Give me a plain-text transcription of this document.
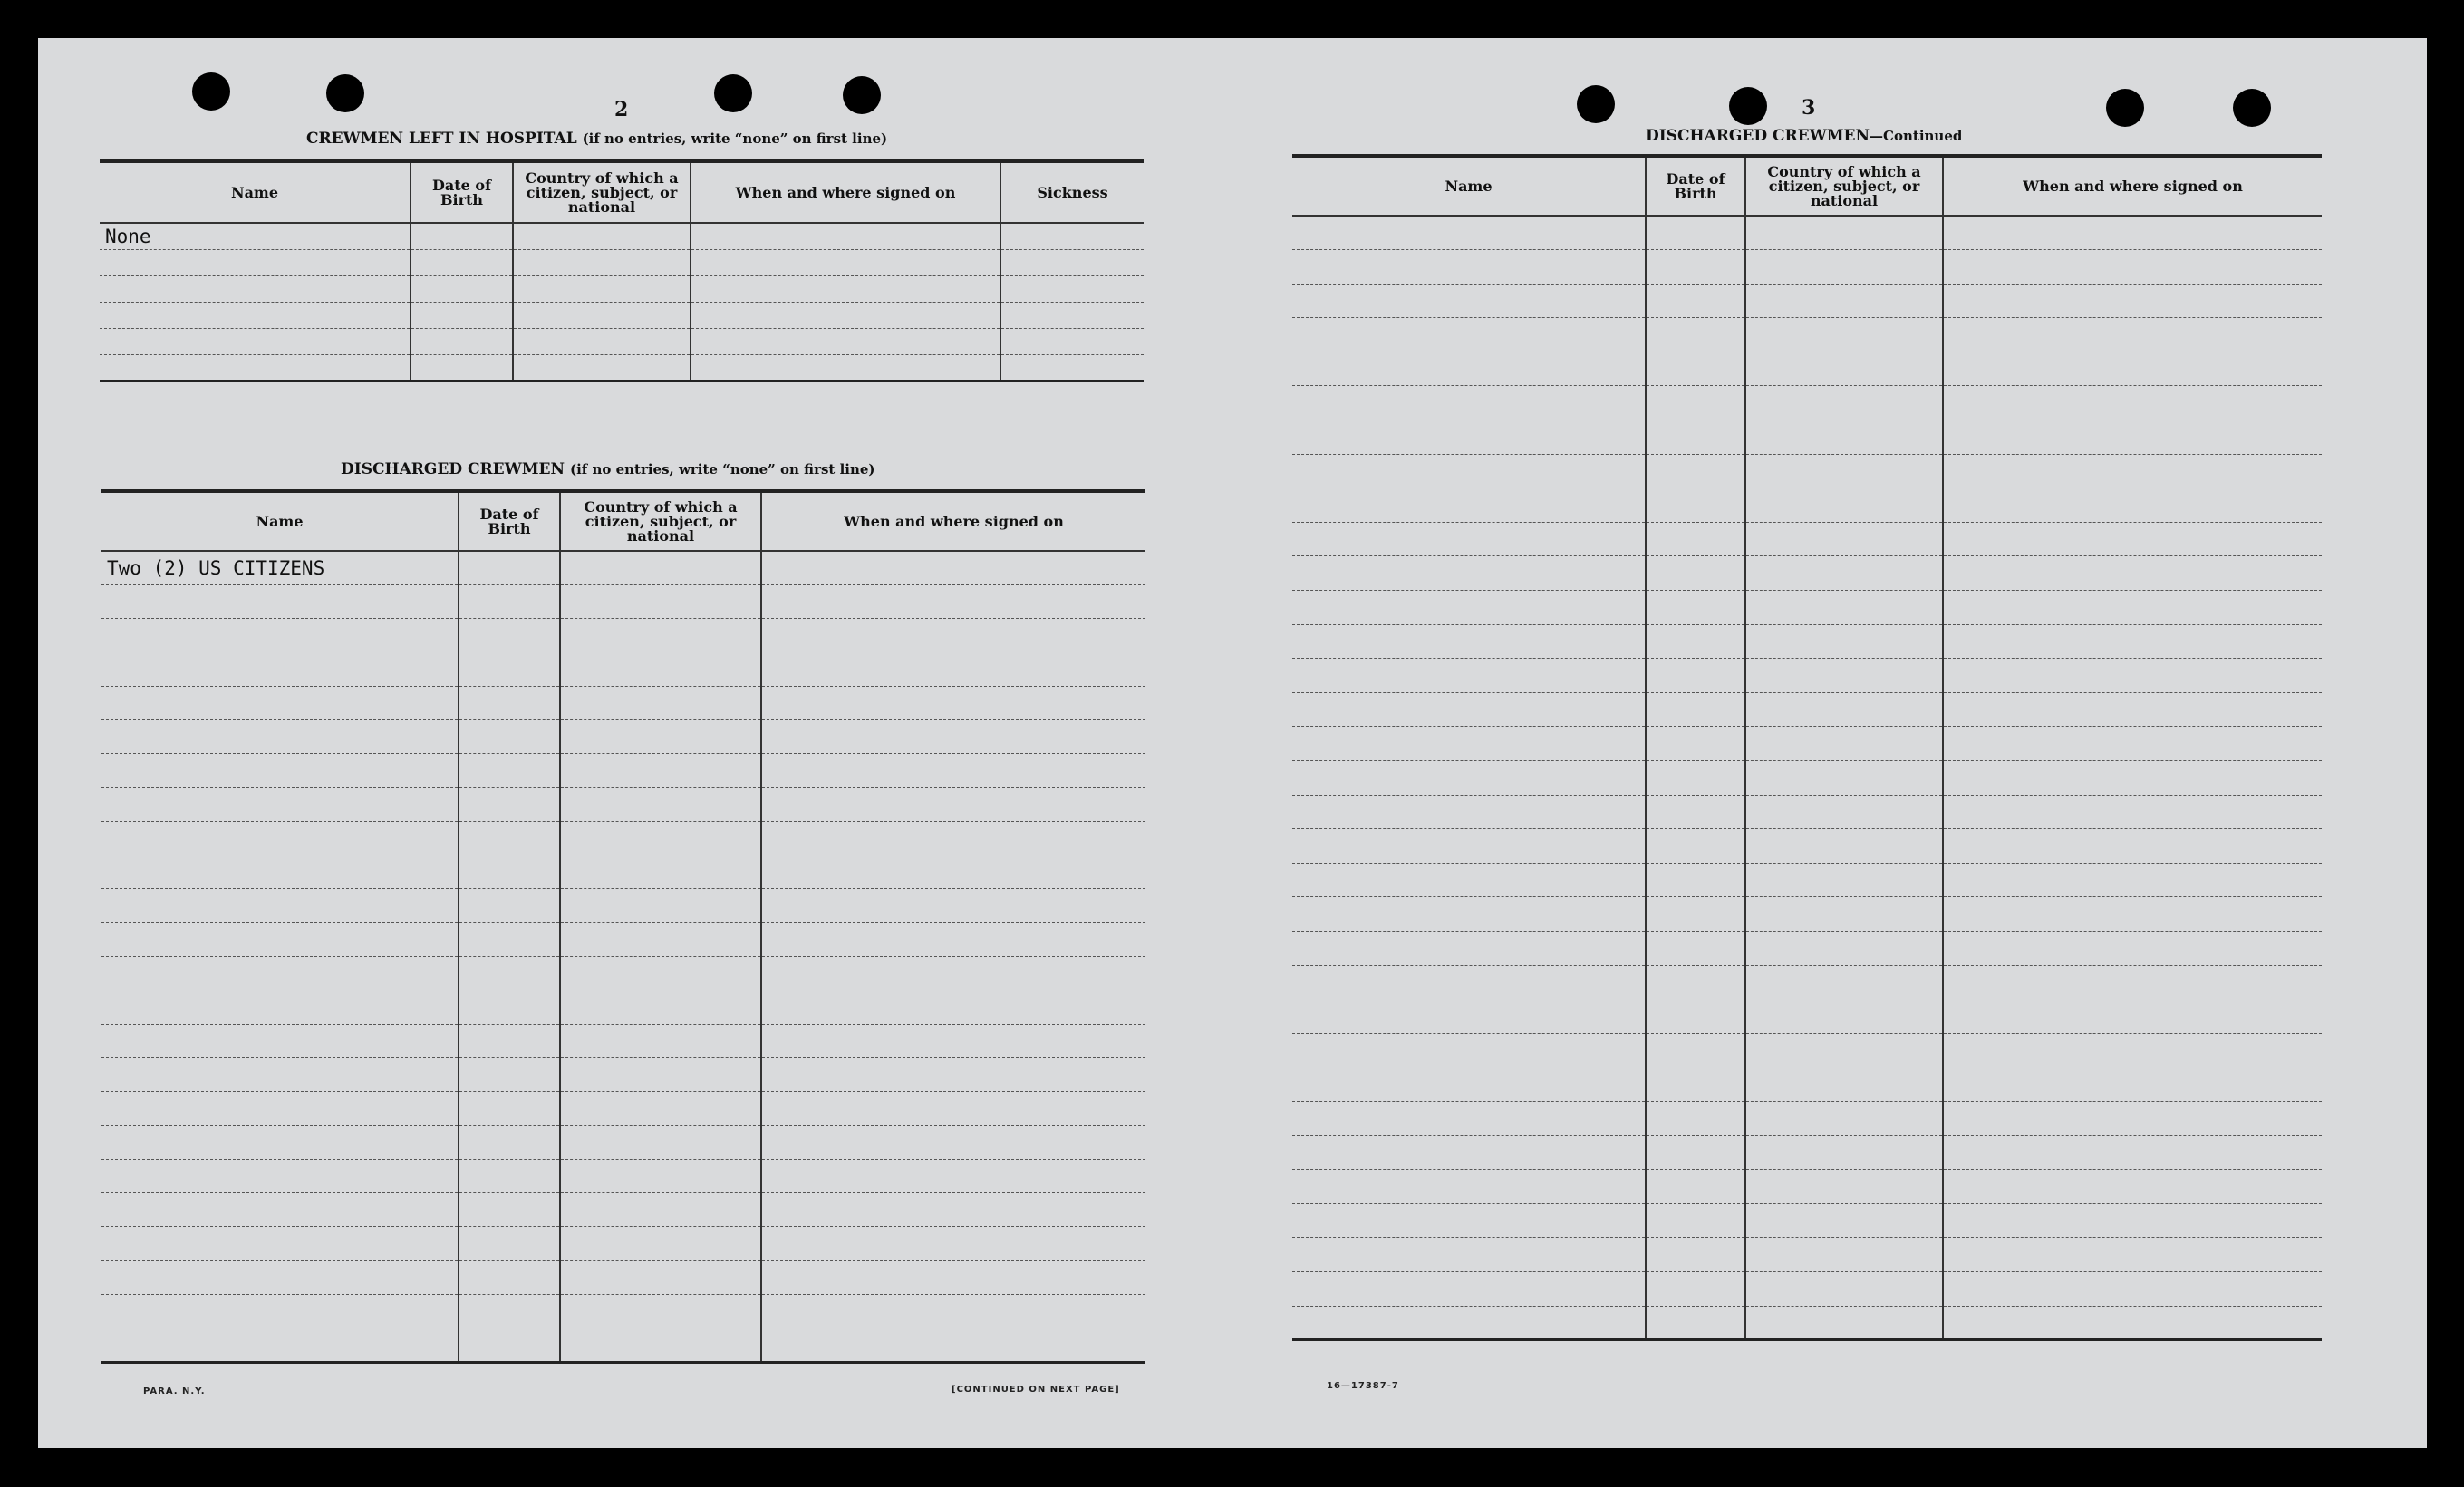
2
CREWMEN LEFT IN HOSPITAL (if no entries, write “none” on first line)
Name	Date of Birth	Country of which a citizen, subject, or national	When and where signed on	Sickness
None				

DISCHARGED CREWMEN (if no entries, write “none” on first line)
Name	Date of Birth	Country of which a citizen, subject, or national	When and where signed on
Two (2) US CITIZENS			

PARA. N.Y.	[CONTINUED ON NEXT PAGE]
3
DISCHARGED CREWMEN—Continued
Name	Date of Birth	Country of which a citizen, subject, or national	When and where signed on

16—17387-7
